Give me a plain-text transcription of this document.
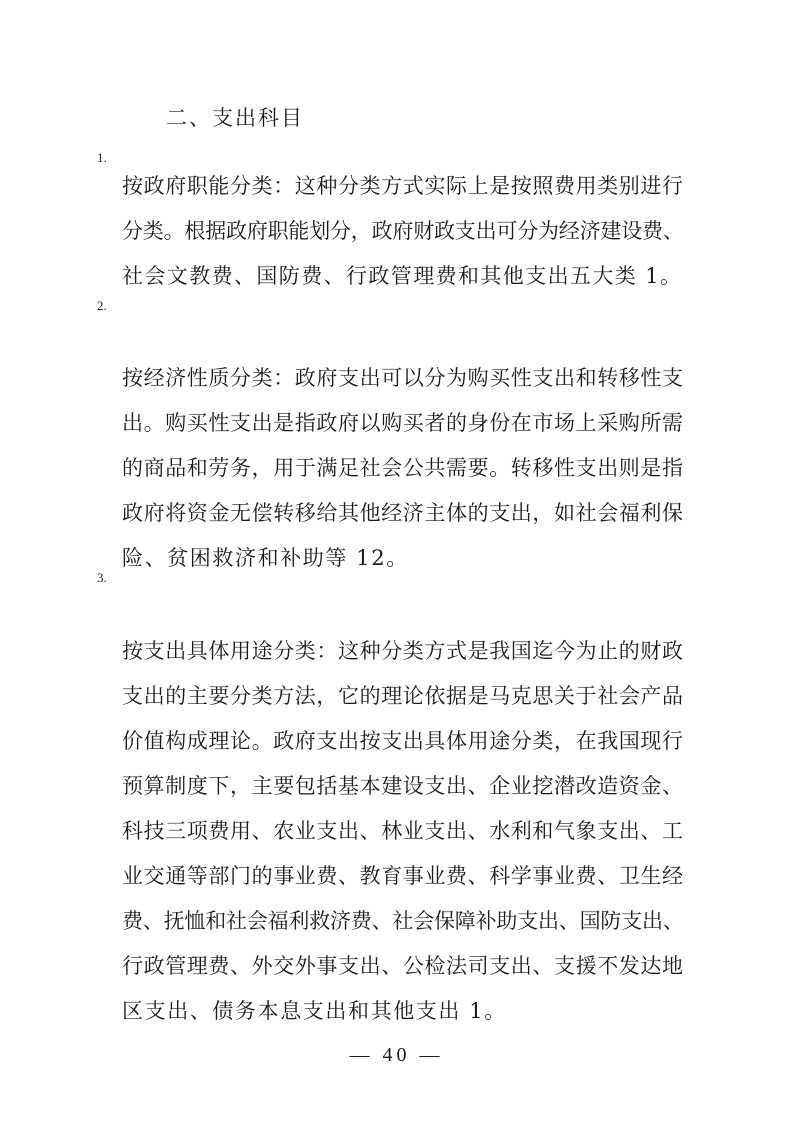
二、支出科目
1.
按政府职能分类：这种分类方式实际上是按照费用类别进行
分类。根据政府职能划分，政府财政支出可分为经济建设费、
社会文教费、国防费、行政管理费和其他支出五大类 1。
2.
按经济性质分类：政府支出可以分为购买性支出和转移性支
出。购买性支出是指政府以购买者的身份在市场上采购所需
的商品和劳务，用于满足社会公共需要。转移性支出则是指
政府将资金无偿转移给其他经济主体的支出，如社会福利保
险、贫困救济和补助等 12。
3.
按支出具体用途分类：这种分类方式是我国迄今为止的财政
支出的主要分类方法，它的理论依据是马克思关于社会产品
价值构成理论。政府支出按支出具体用途分类，在我国现行
预算制度下，主要包括基本建设支出、企业挖潜改造资金、
科技三项费用、农业支出、林业支出、水利和气象支出、工
业交通等部门的事业费、教育事业费、科学事业费、卫生经
费、抚恤和社会福利救济费、社会保障补助支出、国防支出、
行政管理费、外交外事支出、公检法司支出、支援不发达地
区支出、债务本息支出和其他支出 1。
— 40 —
